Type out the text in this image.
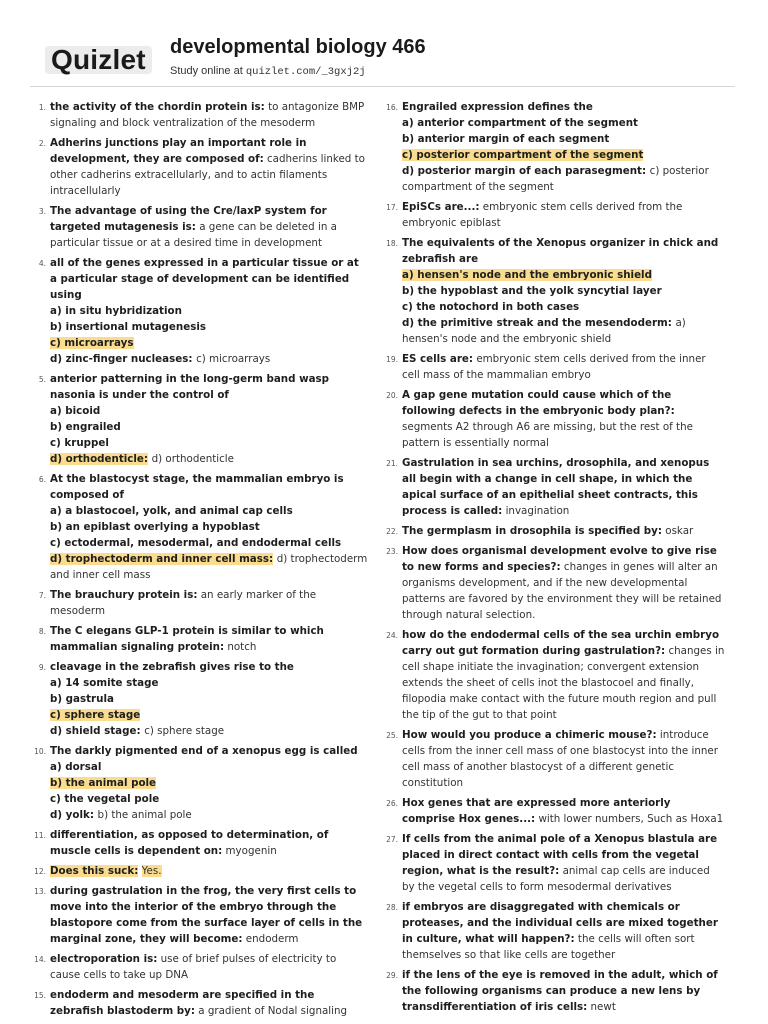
Quizlet	developmental biology 466
Study online at quizlet.com/_3gxj2j
1. the activity of the chordin protein is: to antagonize BMP signaling and block ventralization of the mesoderm
2. Adherins junctions play an important role in development, they are composed of: cadherins linked to other cadherins extracellularly, and to actin filaments intracellularly
3. The advantage of using the Cre/laxP system for targeted mutagenesis is: a gene can be deleted in a particular tissue or at a desired time in development
4. all of the genes expressed in a particular tissue or at a particular stage of development can be identified using
a) in situ hybridization
b) insertional mutagenesis
c) microarrays
d) zinc-finger nucleases: c) microarrays
5. anterior patterning in the long-germ band wasp nasonia is under the control of
a) bicoid
b) engrailed
c) kruppel
d) orthodenticle: d) orthodenticle
6. At the blastocyst stage, the mammalian embryo is composed of
a) a blastocoel, yolk, and animal cap cells
b) an epiblast overlying a hypoblast
c) ectodermal, mesodermal, and endodermal cells
d) trophectoderm and inner cell mass: d) trophectoderm and inner cell mass
7. The brauchury protein is: an early marker of the mesoderm
8. The C elegans GLP-1 protein is similar to which mammalian signaling protein: notch
9. cleavage in the zebrafish gives rise to the
a) 14 somite stage
b) gastrula
c) sphere stage
d) shield stage: c) sphere stage
10. The darkly pigmented end of a xenopus egg is called
a) dorsal
b) the animal pole
c) the vegetal pole
d) yolk: b) the animal pole
11. differentiation, as opposed to determination, of muscle cells is dependent on: myogenin
12. Does this suck: Yes.
13. during gastrulation in the frog, the very first cells to move into the interior of the embryo through the blastopore come from the surface layer of cells in the marginal zone, they will become: endoderm
14. electroporation is: use of brief pulses of electricity to cause cells to take up DNA
15. endoderm and mesoderm are specified in the zebrafish blastoderm by: a gradient of Nodal signaling
16. Engrailed expression defines the
a) anterior compartment of the segment
b) anterior margin of each segment
c) posterior compartment of the segment
d) posterior margin of each parasegment: c) posterior compartment of the segment
17. EpiSCs are...: embryonic stem cells derived from the embryonic epiblast
18. The equivalents of the Xenopus organizer in chick and zebrafish are
a) hensen's node and the embryonic shield
b) the hypoblast and the yolk syncytial layer
c) the notochord in both cases
d) the primitive streak and the mesendoderm: a) hensen's node and the embryonic shield
19. ES cells are: embryonic stem cells derived from the inner cell mass of the mammalian embryo
20. A gap gene mutation could cause which of the following defects in the embryonic body plan?: segments A2 through A6 are missing, but the rest of the pattern is essentially normal
21. Gastrulation in sea urchins, drosophila, and xenopus all begin with a change in cell shape, in which the apical surface of an epithelial sheet contracts, this process is called: invagination
22. The germplasm in drosophila is specified by: oskar
23. How does organismal development evolve to give rise to new forms and species?: changes in genes will alter an organisms development, and if the new developmental patterns are favored by the environment they will be retained through natural selection.
24. how do the endodermal cells of the sea urchin embryo carry out gut formation during gastrulation?: changes in cell shape initiate the invagination; convergent extension extends the sheet of cells inot the blastocoel and finally, filopodia make contact with the future mouth region and pull the tip of the gut to that point
25. How would you produce a chimeric mouse?: introduce cells from the inner cell mass of one blastocyst into the inner cell mass of another blastocyst of a different genetic constitution
26. Hox genes that are expressed more anteriorly comprise Hox genes...: with lower numbers, Such as Hoxa1
27. If cells from the animal pole of a Xenopus blastula are placed in direct contact with cells from the vegetal region, what is the result?: animal cap cells are induced by the vegetal cells to form mesodermal derivatives
28. if embryos are disaggregated with chemicals or proteases, and the individual cells are mixed together in culture, what will happen?: the cells will often sort themselves so that like cells are together
29. if the lens of the eye is removed in the adult, which of the following organisms can produce a new lens by transdifferentiation of iris cells: newt
